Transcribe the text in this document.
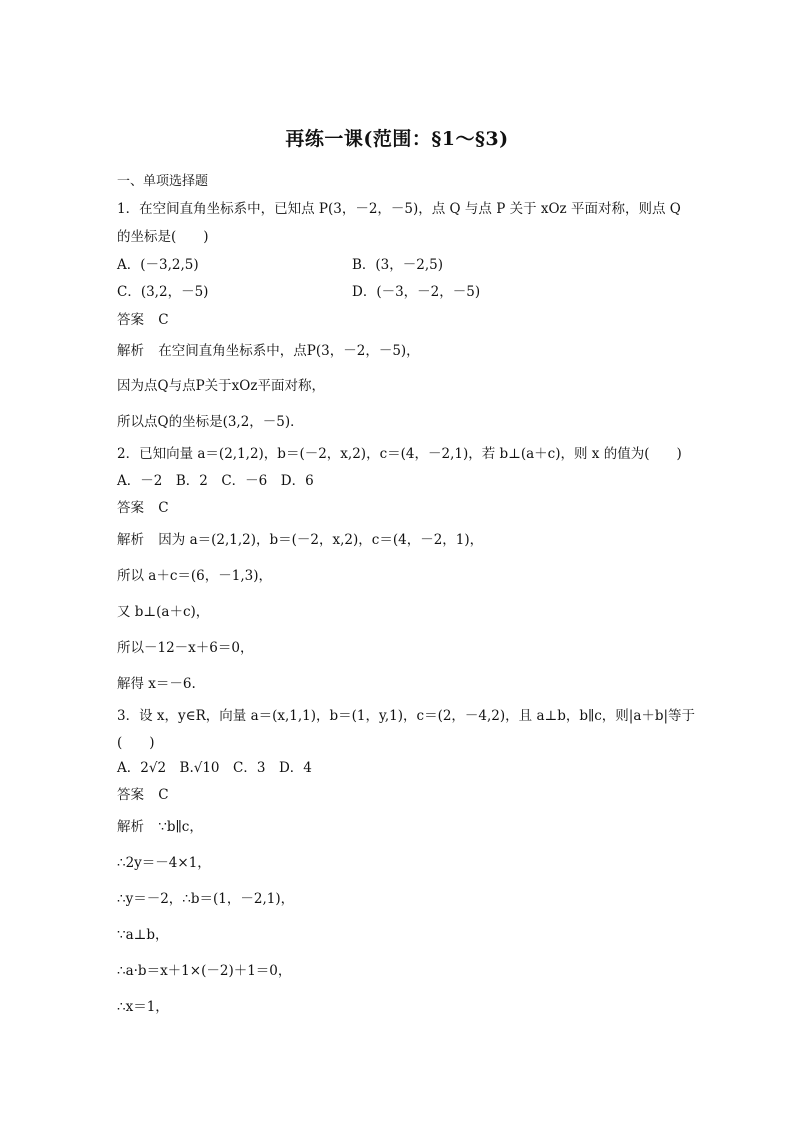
再练一课(范围：§1～§3)
一、单项选择题
1．在空间直角坐标系中，已知点 P(3，－2，－5)，点 Q 与点 P 关于 xOz 平面对称，则点 Q
的坐标是(　　)
A．(－3,2,5)	B．(3，－2,5)
C．(3,2，－5)	D．(－3，－2，－5)
答案 C
解析 在空间直角坐标系中，点P(3，－2，－5)，
因为点Q与点P关于xOz平面对称，
所以点Q的坐标是(3,2，－5)．
2．已知向量 a＝(2,1,2)，b＝(－2，x,2)，c＝(4，－2,1)，若 b⊥(a＋c)，则 x 的值为(　　)
A．－2　B．2　C．－6　D．6
答案 C
解析 因为 a＝(2,1,2)，b＝(－2，x,2)，c＝(4，－2，1)，
所以 a＋c＝(6，－1,3)，
又 b⊥(a＋c)，
所以－12－x＋6＝0，
解得 x＝－6.
3．设 x，y∈R，向量 a＝(x,1,1)，b＝(1，y,1)，c＝(2，－4,2)，且 a⊥b，b∥c，则|a＋b|等于
(　　)
A．2√2　B.√10　C．3　D．4
答案 C
解析 ∵b∥c，
∴2y＝－4×1，
∴y＝－2，∴b＝(1，－2,1)，
∵a⊥b，
∴a·b＝x＋1×(－2)＋1＝0，
∴x＝1，
